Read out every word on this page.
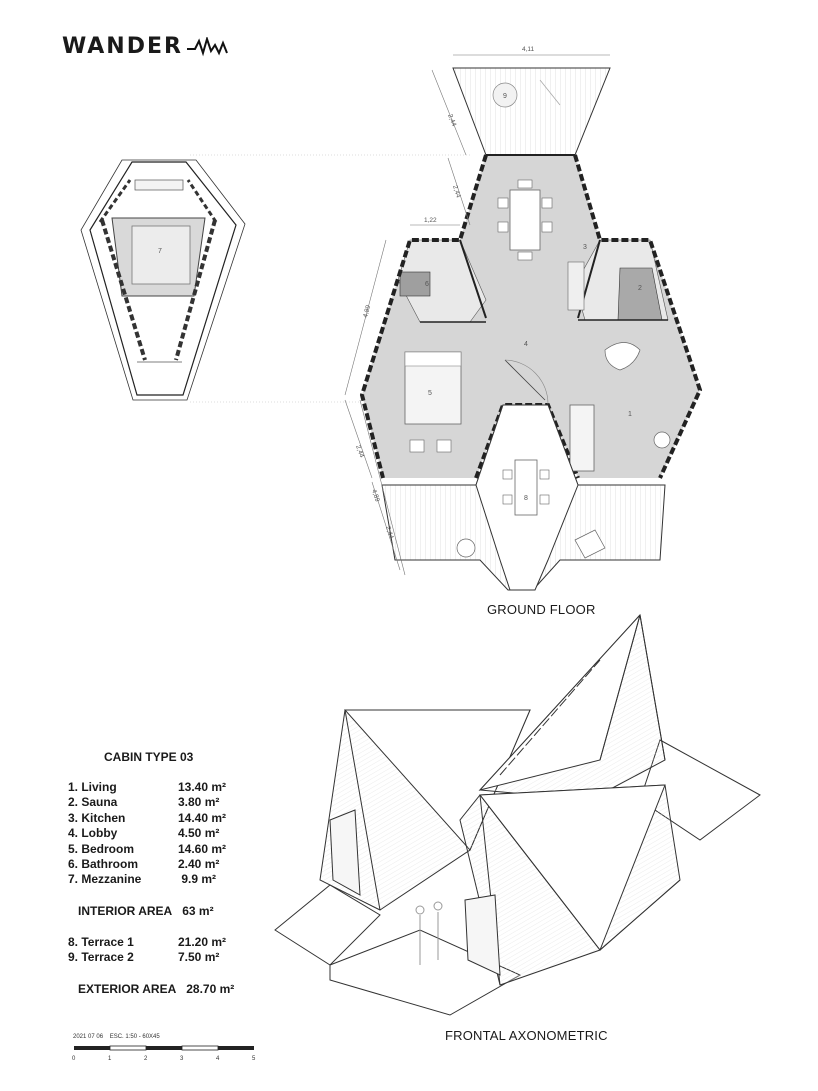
WANDER
7
4,11
2,44
2,44
1,22
4,89
2,44
4,89
2,44
1
2
3
4
5
6
8
9
GROUND FLOOR
FRONTAL AXONOMETRIC
CABIN TYPE 03
1. Living	13.40 m²
2. Sauna	3.80 m²
3. Kitchen	14.40 m²
4. Lobby	4.50 m²
5. Bedroom	14.60 m²
6. Bathroom	2.40 m²
7. Mezzanine	9.9 m²
INTERIOR AREA 63 m²
8. Terrace 1	21.20 m²
9. Terrace 2	7.50 m²
EXTERIOR AREA 28.70 m²
2021 07 06 ESC. 1:50 - 60X45
0	1	2	3	4	5
